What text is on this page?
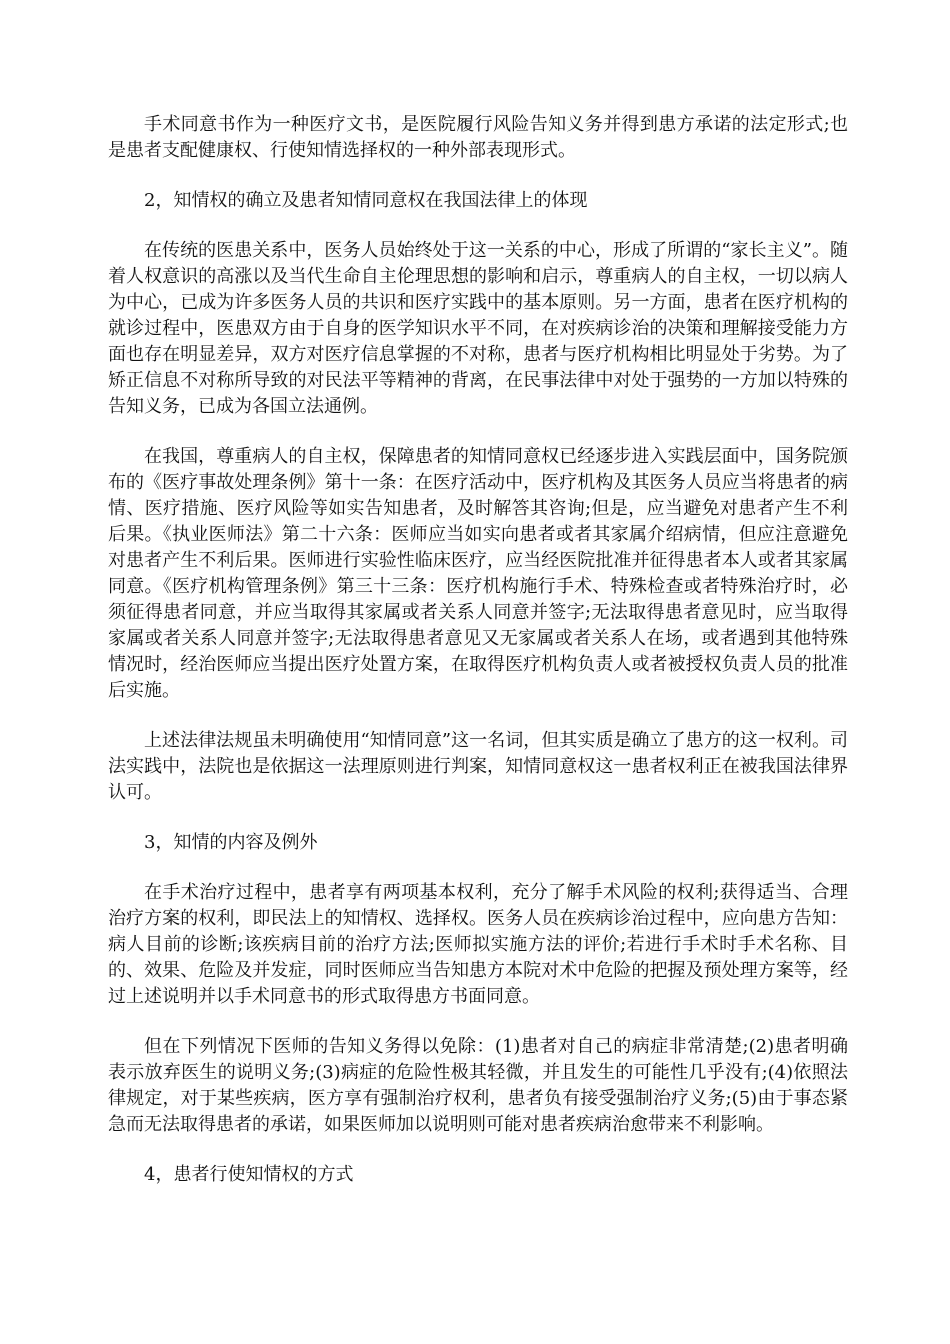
手术同意书作为一种医疗文书，是医院履行风险告知义务并得到患方承诺的法定形式;也是患者支配健康权、行使知情选择权的一种外部表现形式。

2，知情权的确立及患者知情同意权在我国法律上的体现

在传统的医患关系中，医务人员始终处于这一关系的中心，形成了所谓的“家长主义”。随着人权意识的高涨以及当代生命自主伦理思想的影响和启示，尊重病人的自主权，一切以病人为中心，已成为许多医务人员的共识和医疗实践中的基本原则。另一方面，患者在医疗机构的就诊过程中，医患双方由于自身的医学知识水平不同，在对疾病诊治的决策和理解接受能力方面也存在明显差异，双方对医疗信息掌握的不对称，患者与医疗机构相比明显处于劣势。为了矫正信息不对称所导致的对民法平等精神的背离，在民事法律中对处于强势的一方加以特殊的告知义务，已成为各国立法通例。

在我国，尊重病人的自主权，保障患者的知情同意权已经逐步进入实践层面中，国务院颁布的《医疗事故处理条例》第十一条：在医疗活动中，医疗机构及其医务人员应当将患者的病情、医疗措施、医疗风险等如实告知患者，及时解答其咨询;但是，应当避免对患者产生不利后果。《执业医师法》第二十六条：医师应当如实向患者或者其家属介绍病情，但应注意避免对患者产生不利后果。医师进行实验性临床医疗，应当经医院批准并征得患者本人或者其家属同意。《医疗机构管理条例》第三十三条：医疗机构施行手术、特殊检查或者特殊治疗时，必须征得患者同意，并应当取得其家属或者关系人同意并签字;无法取得患者意见时，应当取得家属或者关系人同意并签字;无法取得患者意见又无家属或者关系人在场，或者遇到其他特殊情况时，经治医师应当提出医疗处置方案，在取得医疗机构负责人或者被授权负责人员的批准后实施。

上述法律法规虽未明确使用“知情同意”这一名词，但其实质是确立了患方的这一权利。司法实践中，法院也是依据这一法理原则进行判案，知情同意权这一患者权利正在被我国法律界认可。

3，知情的内容及例外

在手术治疗过程中，患者享有两项基本权利，充分了解手术风险的权利;获得适当、合理治疗方案的权利，即民法上的知情权、选择权。医务人员在疾病诊治过程中，应向患方告知：病人目前的诊断;该疾病目前的治疗方法;医师拟实施方法的评价;若进行手术时手术名称、目的、效果、危险及并发症，同时医师应当告知患方本院对术中危险的把握及预处理方案等，经过上述说明并以手术同意书的形式取得患方书面同意。

但在下列情况下医师的告知义务得以免除：(1)患者对自己的病症非常清楚;(2)患者明确表示放弃医生的说明义务;(3)病症的危险性极其轻微，并且发生的可能性几乎没有;(4)依照法律规定，对于某些疾病，医方享有强制治疗权利，患者负有接受强制治疗义务;(5)由于事态紧急而无法取得患者的承诺，如果医师加以说明则可能对患者疾病治愈带来不利影响。

4，患者行使知情权的方式
